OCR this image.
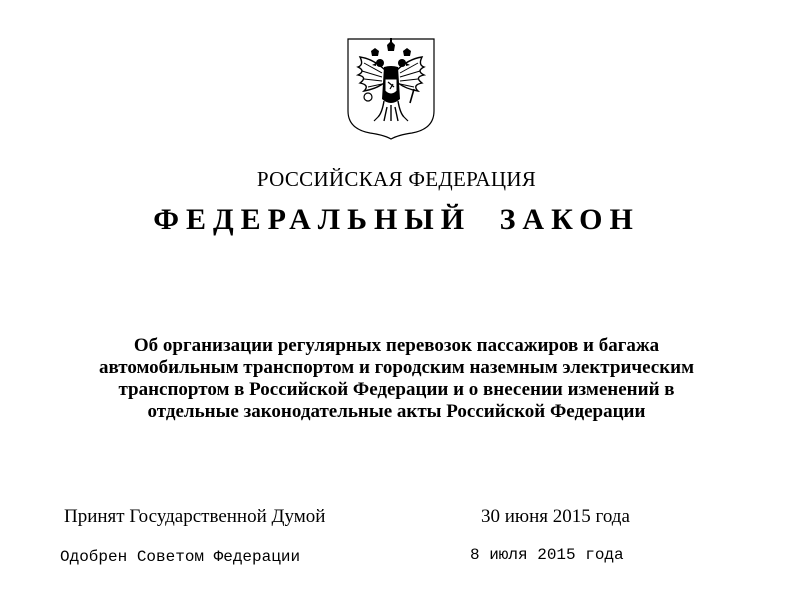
РОССИЙСКАЯ ФЕДЕРАЦИЯ
ФЕДЕРАЛЬНЫЙ ЗАКОН
Об организации регулярных перевозок пассажиров и багажа
автомобильным транспортом и городским наземным электрическим
транспортом в Российской Федерации и о внесении изменений в
отдельные законодательные акты Российской Федерации
Принят Государственной Думой	30 июня 2015 года
Одобрен Советом Федерации	8 июля 2015 года
